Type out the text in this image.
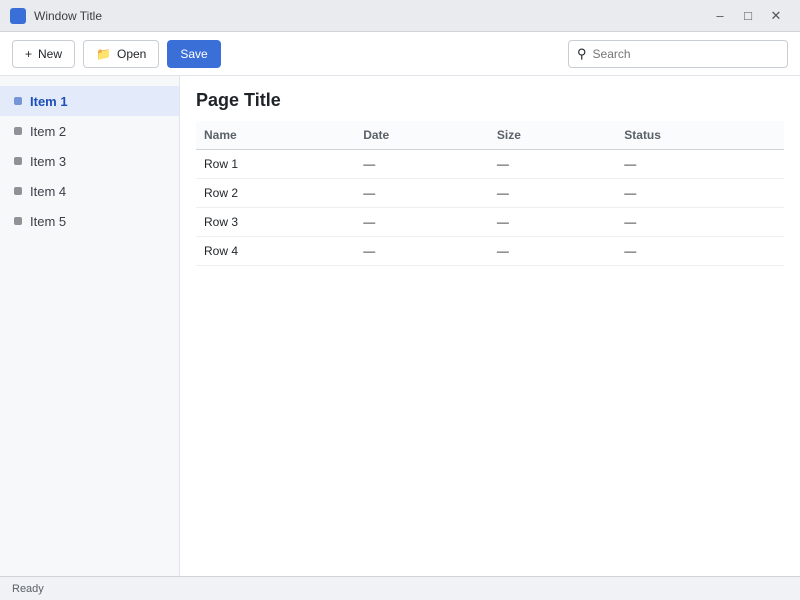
Window Title	–	□	✕
+ New	📁 Open	Save	⚲
Search
Item 1
Item 2
Item 3
Item 4
Item 5
Page Title
Name	Date	Size	Status
Row 1	—	—	—
Row 2	—	—	—
Row 3	—	—	—
Row 4	—	—	—
Ready
